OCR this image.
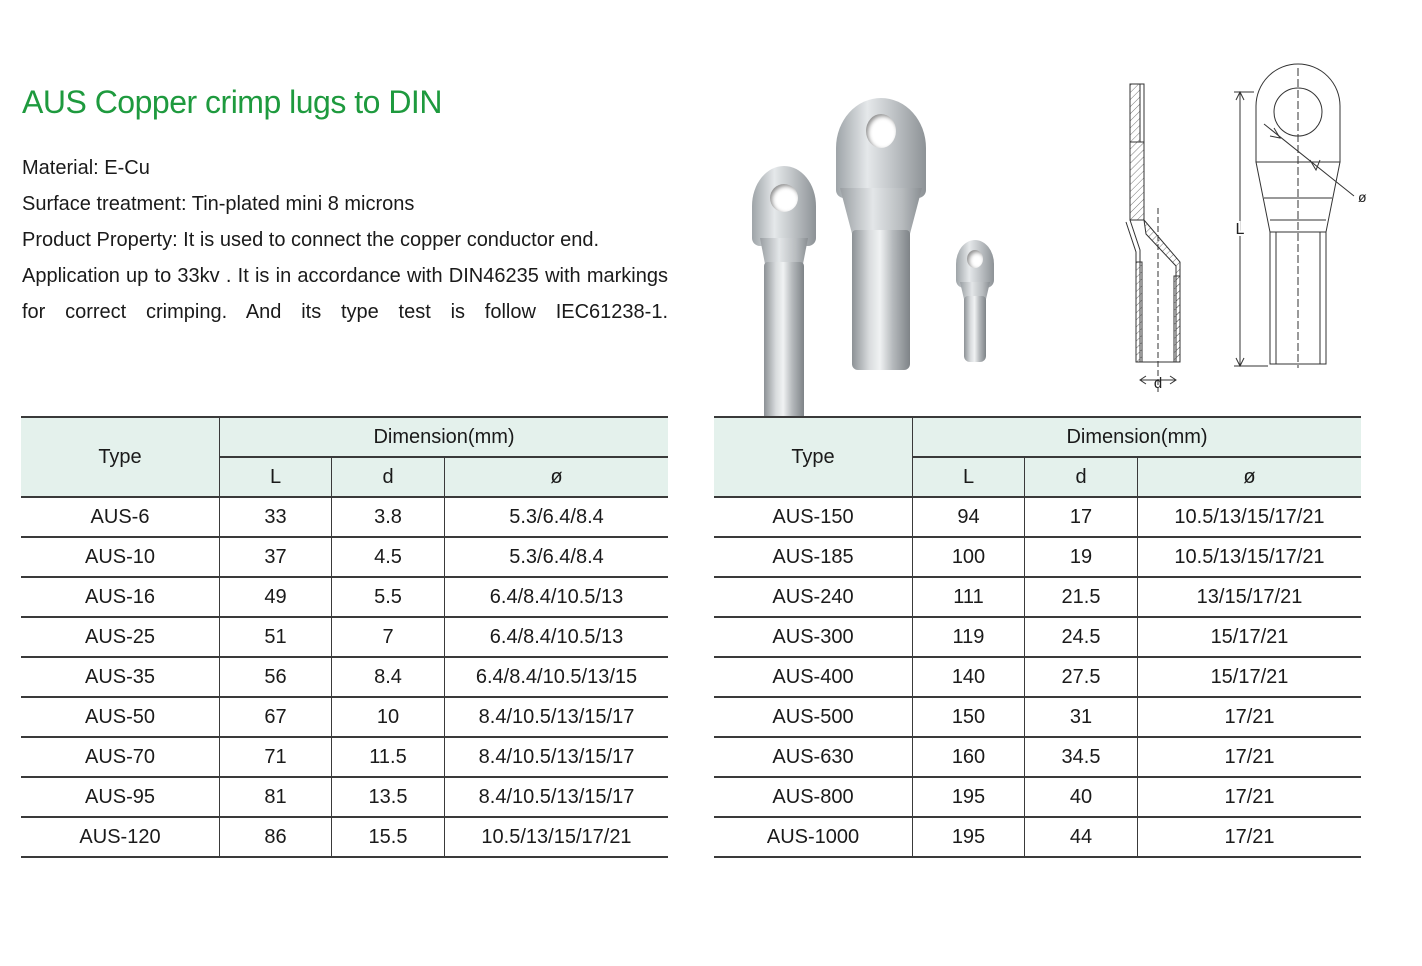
AUS Copper crimp lugs to DIN
Material: E-Cu
Surface treatment: Tin-plated mini 8 microns
Product Property: It is used to connect the copper conductor end.
Application up to 33kv . It is in accordance with DIN46235 with markings for correct crimping. And its type test is follow IEC61238-1.
d
L
ø
Type	Dimension(mm)		
	L	d	ø
AUS-6	33	3.8	5.3/6.4/8.4
AUS-10	37	4.5	5.3/6.4/8.4
AUS-16	49	5.5	6.4/8.4/10.5/13
AUS-25	51	7	6.4/8.4/10.5/13
AUS-35	56	8.4	6.4/8.4/10.5/13/15
AUS-50	67	10	8.4/10.5/13/15/17
AUS-70	71	11.5	8.4/10.5/13/15/17
AUS-95	81	13.5	8.4/10.5/13/15/17
AUS-120	86	15.5	10.5/13/15/17/21
Type	Dimension(mm)		
	L	d	ø
AUS-150	94	17	10.5/13/15/17/21
AUS-185	100	19	10.5/13/15/17/21
AUS-240	111	21.5	13/15/17/21
AUS-300	119	24.5	15/17/21
AUS-400	140	27.5	15/17/21
AUS-500	150	31	17/21
AUS-630	160	34.5	17/21
AUS-800	195	40	17/21
AUS-1000	195	44	17/21
